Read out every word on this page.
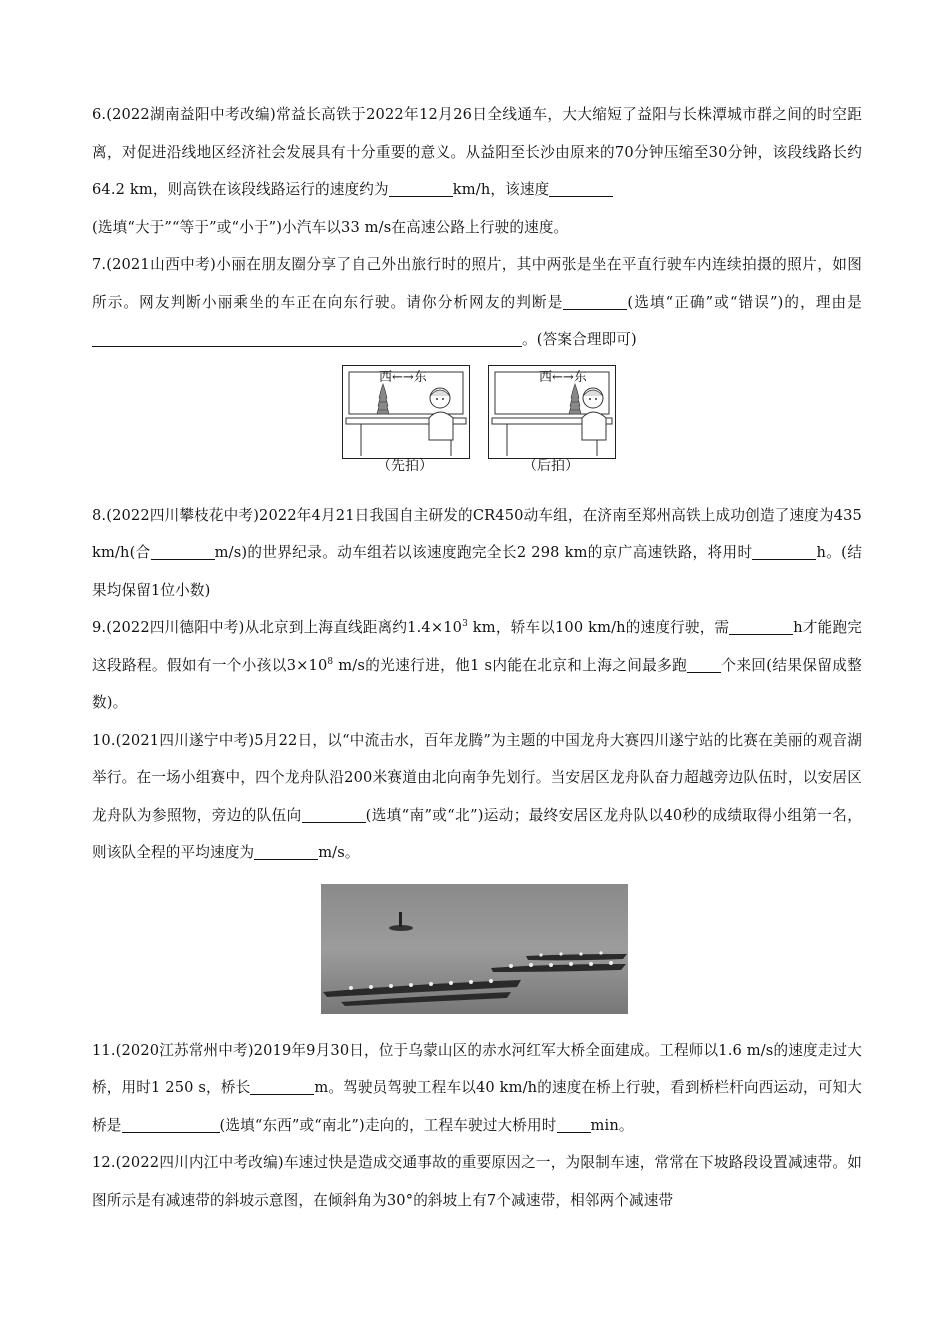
6.(2022湖南益阳中考改编)常益长高铁于2022年12月26日全线通车，大大缩短了益阳与长株潭城市群之间的时空距离，对促进沿线地区经济社会发展具有十分重要的意义。从益阳至长沙由原来的70分钟压缩至30分钟，该段线路长约64.2 km，则高铁在该段线路运行的速度约为	km/h，该速度
(选填“大于”“等于”或“小于”)小汽车以33 m/s在高速公路上行驶的速度。

7.(2021山西中考)小丽在朋友圈分享了自己外出旅行时的照片，其中两张是坐在平直行驶车内连续拍摄的照片，如图所示。网友判断小丽乘坐的车正在向东行驶。请你分析网友的判断是	(选填“正确”或“错误”)的，理由是。(答案合理即可)

西←→东
（先拍）
西←→东
（后拍）

8.(2022四川攀枝花中考)2022年4月21日我国自主研发的CR450动车组，在济南至郑州高铁上成功创造了速度为435 km/h(合	m/s)的世界纪录。动车组若以该速度跑完全长2 298 km的京广高速铁路，将用时	h。(结果均保留1位小数)

9.(2022四川德阳中考)从北京到上海直线距离约$1.4\times 10^3$ km，轿车以100 km/h的速度行驶，需	h才能跑完这段路程。假如有一个小孩以$3\times 10^8$ m/s的光速行进，他1 s内能在北京和上海之间最多跑 个来回(结果保留成整数)。

10.(2021四川遂宁中考)5月22日，以“中流击水，百年龙腾”为主题的中国龙舟大赛四川遂宁站的比赛在美丽的观音湖举行。在一场小组赛中，四个龙舟队沿200米赛道由北向南争先划行。当安居区龙舟队奋力超越旁边队伍时，以安居区龙舟队为参照物，旁边的队伍向	(选填“南”或“北”)运动；最终安居区龙舟队以40秒的成绩取得小组第一名，则该队全程的平均速度为	m/s。

11.(2020江苏常州中考)2019年9月30日，位于乌蒙山区的赤水河红军大桥全面建成。工程师以1.6 m/s的速度走过大桥，用时1 250 s，桥长	m。驾驶员驾驶工程车以40 km/h的速度在桥上行驶，看到桥栏杆向西运动，可知大桥是	(选填“东西”或“南北”)走向的，工程车驶过大桥用时 min。

12.(2022四川内江中考改编)车速过快是造成交通事故的重要原因之一，为限制车速，常常在下坡路段设置减速带。如图所示是有减速带的斜坡示意图，在倾斜角为30°的斜坡上有7个减速带，相邻两个减速带
